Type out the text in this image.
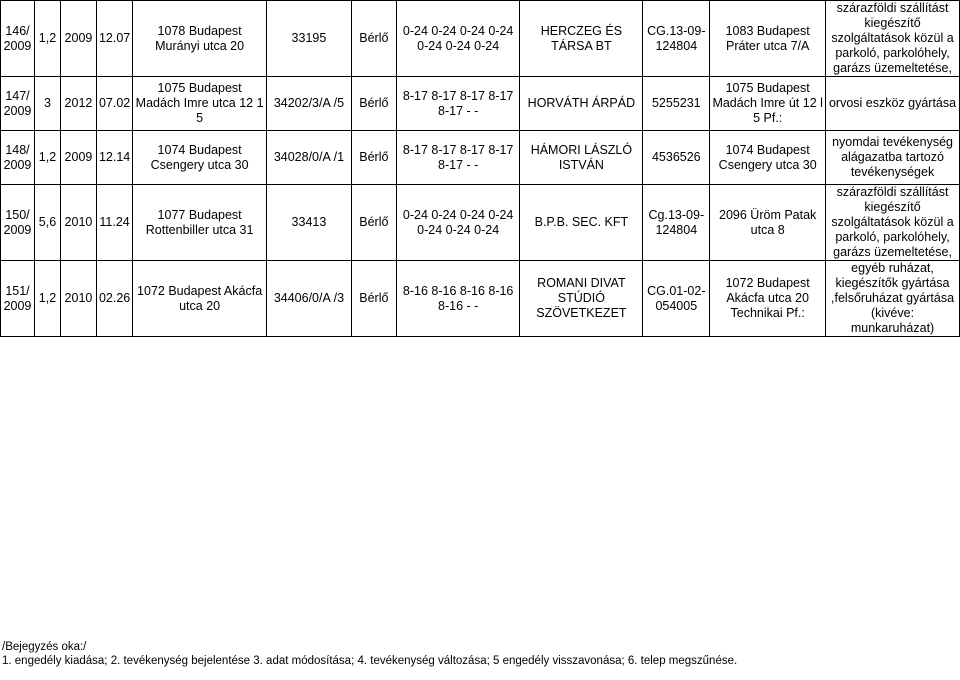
146/
2009	1,2	2009	12.07	1078 Budapest Murányi utca 20	33195	Bérlő	0-24 0-24 0-24 0-24 0-24 0-24 0-24	HERCZEG ÉS TÁRSA BT	CG.13-09-124804	1083 Budapest Práter utca 7/A	szárazföldi szállítást kiegészítő szolgáltatások közül a parkoló, parkolóhely, garázs üzemeltetése,

147/
2009	3	2012	07.02	1075 Budapest Madách Imre utca 12 1 5	34202/3/A /5	Bérlő	8-17 8-17 8-17 8-17 8-17 - -	HORVÁTH ÁRPÁD	5255231	1075 Budapest Madách Imre út 12 l 5 Pf.:	orvosi eszköz gyártása

148/
2009	1,2	2009	12.14	1074 Budapest Csengery utca 30	34028/0/A /1	Bérlő	8-17 8-17 8-17 8-17 8-17 - -	HÁMORI LÁSZLÓ ISTVÁN	4536526	1074 Budapest Csengery utca 30	nyomdai tevékenység alágazatba tartozó tevékenységek

150/
2009	5,6	2010	11.24	1077 Budapest Rottenbiller utca 31	33413	Bérlő	0-24 0-24 0-24 0-24 0-24 0-24 0-24	B.P.B. SEC. KFT	Cg.13-09-124804	2096 Üröm Patak utca 8	szárazföldi szállítást kiegészítő szolgáltatások közül a parkoló, parkolóhely, garázs üzemeltetése,

151/
2009	1,2	2010	02.26	1072 Budapest Akácfa utca 20	34406/0/A /3	Bérlő	8-16 8-16 8-16 8-16 8-16 - -	ROMANI DIVAT STÚDIÓ SZÖVETKEZET	CG.01-02-054005	1072 Budapest Akácfa utca 20 Technikai Pf.:	egyéb ruházat, kiegészítők gyártása ,felsőruházat gyártása (kivéve: munkaruházat)
/Bejegyzés oka:/
1. engedély kiadása; 2. tevékenység bejelentése 3. adat módosítása; 4. tevékenység változása; 5 engedély visszavonása; 6. telep megszűnése.
